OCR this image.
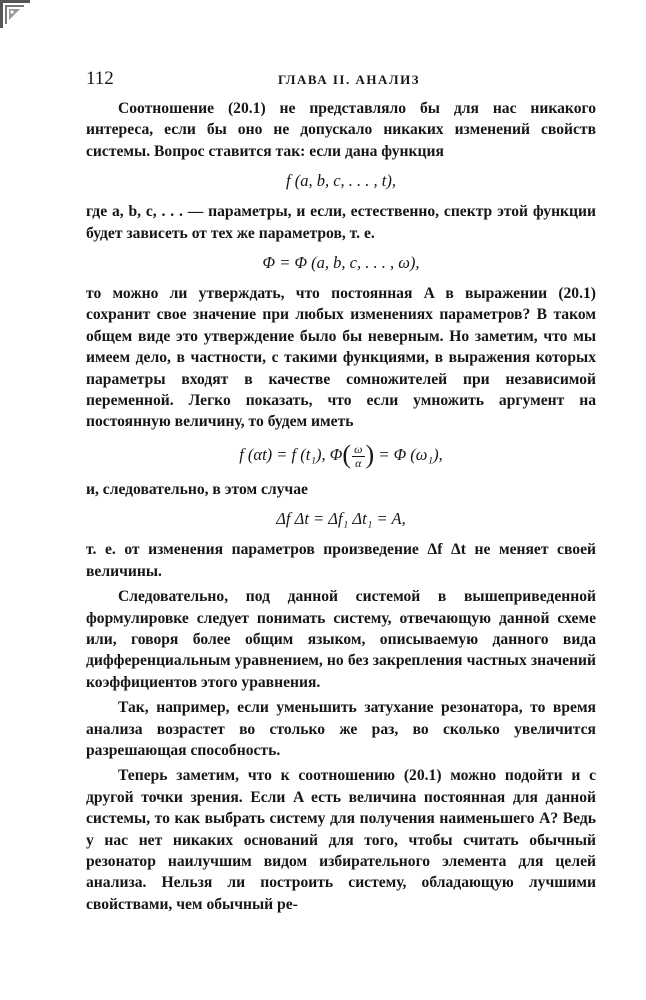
112	ГЛАВА II. АНАЛИЗ

Соотношение (20.1) не представляло бы для нас никакого интереса, если бы оно не допускало никаких изменений свойств системы. Вопрос ставится так: если дана функция

f (a, b, c, . . . , t),

где a, b, c, . . . — параметры, и если, естественно, спектр этой функции будет зависеть от тех же параметров, т. е.

Φ = Φ (a, b, c, . . . , ω),

то можно ли утверждать, что постоянная A в выражении (20.1) сохранит свое значение при любых изменениях параметров? В таком общем виде это утверждение было бы неверным. Но заметим, что мы имеем дело, в частности, с такими функциями, в выражения которых параметры входят в качестве сомножителей при независимой переменной. Легко показать, что если умножить аргумент на постоянную величину, то будем иметь

f (αt) = f (t₁), $\Phi( \frac{\omega}{\alpha}$ ) = Φ (ω₁),

и, следовательно, в этом случае

Δf Δt = Δf₁ Δt₁ = A,

т. е. от изменения параметров произведение Δf Δt не меняет своей величины.

Следовательно, под данной системой в вышеприведенной формулировке следует понимать систему, отвечающую данной схеме или, говоря более общим языком, описываемую данного вида дифференциальным уравнением, но без закрепления частных значений коэффициентов этого уравнения.

Так, например, если уменьшить затухание резонатора, то время анализа возрастет во столько же раз, во сколько увеличится разрешающая способность.

Теперь заметим, что к соотношению (20.1) можно подойти и с другой точки зрения. Если A есть величина постоянная для данной системы, то как выбрать систему для получения наименьшего A? Ведь у нас нет никаких оснований для того, чтобы считать обычный резонатор наилучшим видом избирательного элемента для целей анализа. Нельзя ли построить систему, обладающую лучшими свойствами, чем обычный ре-
